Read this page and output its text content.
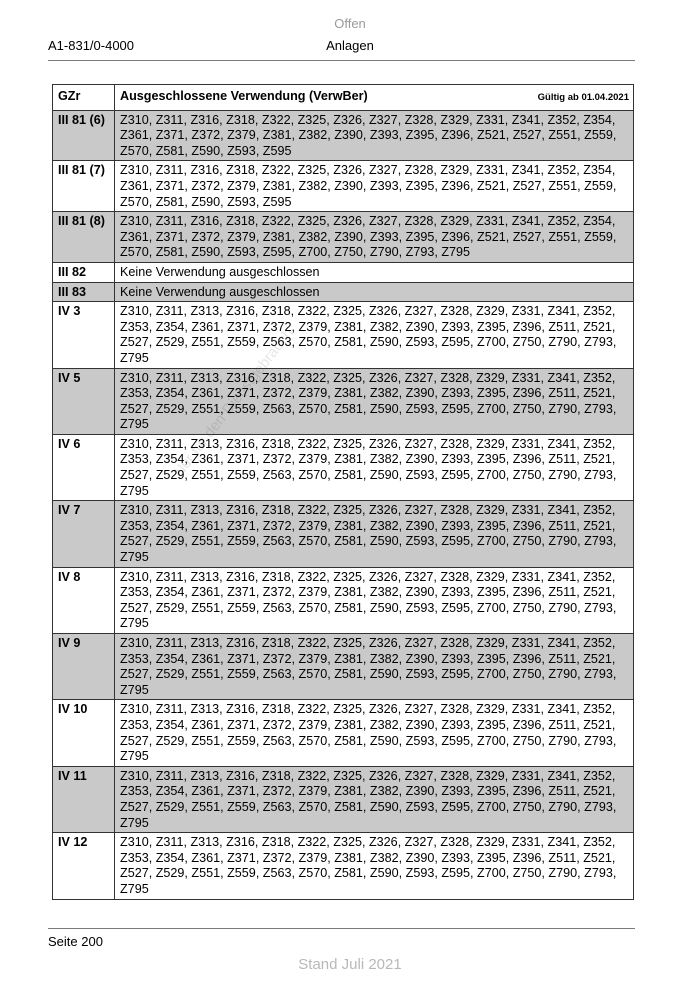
Offen
A1-831/0-4000	Anlagen
GZr	Ausgeschlossene Verwendung (VerwBer) Gültig ab 01.04.2021

III 81 (6)	Z310, Z311, Z316, Z318, Z322, Z325, Z326, Z327, Z328, Z329, Z331, Z341, Z352, Z354, Z361, Z371, Z372, Z379, Z381, Z382, Z390, Z393, Z395, Z396, Z521, Z527, Z551, Z559, Z570, Z581, Z590, Z593, Z595
III 81 (7)	Z310, Z311, Z316, Z318, Z322, Z325, Z326, Z327, Z328, Z329, Z331, Z341, Z352, Z354, Z361, Z371, Z372, Z379, Z381, Z382, Z390, Z393, Z395, Z396, Z521, Z527, Z551, Z559, Z570, Z581, Z590, Z593, Z595
III 81 (8)	Z310, Z311, Z316, Z318, Z322, Z325, Z326, Z327, Z328, Z329, Z331, Z341, Z352, Z354, Z361, Z371, Z372, Z379, Z381, Z382, Z390, Z393, Z395, Z396, Z521, Z527, Z551, Z559, Z570, Z581, Z590, Z593, Z595, Z700, Z750, Z790, Z793, Z795
III 82	Keine Verwendung ausgeschlossen
III 83	Keine Verwendung ausgeschlossen
IV 3	Z310, Z311, Z313, Z316, Z318, Z322, Z325, Z326, Z327, Z328, Z329, Z331, Z341, Z352, Z353, Z354, Z361, Z371, Z372, Z379, Z381, Z382, Z390, Z393, Z395, Z396, Z511, Z521, Z527, Z529, Z551, Z559, Z563, Z570, Z581, Z590, Z593, Z595, Z700, Z750, Z790, Z793, Z795
IV 5	Z310, Z311, Z313, Z316, Z318, Z322, Z325, Z326, Z327, Z328, Z329, Z331, Z341, Z352, Z353, Z354, Z361, Z371, Z372, Z379, Z381, Z382, Z390, Z393, Z395, Z396, Z511, Z521, Z527, Z529, Z551, Z559, Z563, Z570, Z581, Z590, Z593, Z595, Z700, Z750, Z790, Z793, Z795
IV 6	Z310, Z311, Z313, Z316, Z318, Z322, Z325, Z326, Z327, Z328, Z329, Z331, Z341, Z352, Z353, Z354, Z361, Z371, Z372, Z379, Z381, Z382, Z390, Z393, Z395, Z396, Z511, Z521, Z527, Z529, Z551, Z559, Z563, Z570, Z581, Z590, Z593, Z595, Z700, Z750, Z790, Z793, Z795
IV 7	Z310, Z311, Z313, Z316, Z318, Z322, Z325, Z326, Z327, Z328, Z329, Z331, Z341, Z352, Z353, Z354, Z361, Z371, Z372, Z379, Z381, Z382, Z390, Z393, Z395, Z396, Z511, Z521, Z527, Z529, Z551, Z559, Z563, Z570, Z581, Z590, Z593, Z595, Z700, Z750, Z790, Z793, Z795
IV 8	Z310, Z311, Z313, Z316, Z318, Z322, Z325, Z326, Z327, Z328, Z329, Z331, Z341, Z352, Z353, Z354, Z361, Z371, Z372, Z379, Z381, Z382, Z390, Z393, Z395, Z396, Z511, Z521, Z527, Z529, Z551, Z559, Z563, Z570, Z581, Z590, Z593, Z595, Z700, Z750, Z790, Z793, Z795
IV 9	Z310, Z311, Z313, Z316, Z318, Z322, Z325, Z326, Z327, Z328, Z329, Z331, Z341, Z352, Z353, Z354, Z361, Z371, Z372, Z379, Z381, Z382, Z390, Z393, Z395, Z396, Z511, Z521, Z527, Z529, Z551, Z559, Z563, Z570, Z581, Z590, Z593, Z595, Z700, Z750, Z790, Z793, Z795
IV 10	Z310, Z311, Z313, Z316, Z318, Z322, Z325, Z326, Z327, Z328, Z329, Z331, Z341, Z352, Z353, Z354, Z361, Z371, Z372, Z379, Z381, Z382, Z390, Z393, Z395, Z396, Z511, Z521, Z527, Z529, Z551, Z559, Z563, Z570, Z581, Z590, Z593, Z595, Z700, Z750, Z790, Z793, Z795
IV 11	Z310, Z311, Z313, Z316, Z318, Z322, Z325, Z326, Z327, Z328, Z329, Z331, Z341, Z352, Z353, Z354, Z361, Z371, Z372, Z379, Z381, Z382, Z390, Z393, Z395, Z396, Z511, Z521, Z527, Z529, Z551, Z559, Z563, Z570, Z581, Z590, Z593, Z595, Z700, Z750, Z790, Z793, Z795
IV 12	Z310, Z311, Z313, Z316, Z318, Z322, Z325, Z326, Z327, Z328, Z329, Z331, Z341, Z352, Z353, Z354, Z361, Z371, Z372, Z379, Z381, Z382, Z390, Z393, Z395, Z396, Z511, Z521, Z527, Z529, Z551, Z559, Z563, Z570, Z581, Z590, Z593, Z595, Z700, Z750, Z790, Z793, Z795
Seite 200
Stand Juli 2021
